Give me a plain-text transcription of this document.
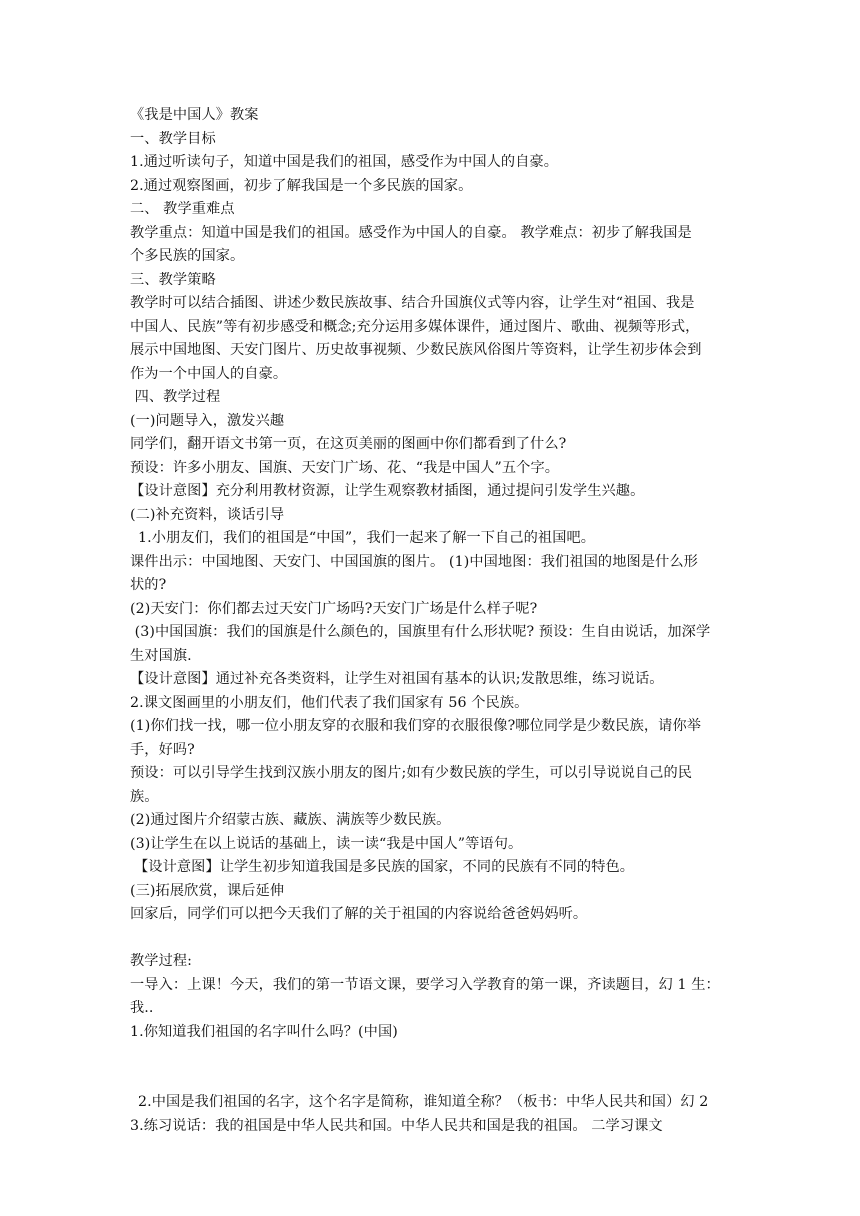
《我是中国人》教案
一、教学目标
1.通过听读句子，知道中国是我们的祖国，感受作为中国人的自豪。
2.通过观察图画，初步了解我国是一个多民族的国家。
二、 教学重难点
教学重点：知道中国是我们的祖国。感受作为中国人的自豪。 教学难点：初步了解我国是
个多民族的国家。
三、教学策略
教学时可以结合插图、讲述少数民族故事、结合升国旗仪式等内容，让学生对“祖国、我是
中国人、民族”等有初步感受和概念;充分运用多媒体课件，通过图片、歌曲、视频等形式，
展示中国地图、天安门图片、历史故事视频、少数民族风俗图片等资料，让学生初步体会到
作为一个中国人的自豪。
四、教学过程
(一)问题导入，激发兴趣
同学们，翻开语文书第一页，在这页美丽的图画中你们都看到了什么?
预设：许多小朋友、国旗、天安门广场、花、“我是中国人”五个字。
【设计意图】充分利用教材资源，让学生观察教材插图，通过提问引发学生兴趣。
(二)补充资料，谈话引导
1.小朋友们，我们的祖国是“中国”，我们一起来了解一下自己的祖国吧。
课件出示：中国地图、天安门、中国国旗的图片。 (1)中国地图：我们祖国的地图是什么形
状的?
(2)天安门：你们都去过天安门广场吗?天安门广场是什么样子呢?
(3)中国国旗：我们的国旗是什么颜色的，国旗里有什么形状呢? 预设：生自由说话，加深学
生对国旗.
【设计意图】通过补充各类资料，让学生对祖国有基本的认识;发散思维，练习说话。
2.课文图画里的小朋友们，他们代表了我们国家有 56 个民族。
(1)你们找一找，哪一位小朋友穿的衣服和我们穿的衣服很像?哪位同学是少数民族，请你举
手，好吗?
预设：可以引导学生找到汉族小朋友的图片;如有少数民族的学生，可以引导说说自己的民
族。
(2)通过图片介绍蒙古族、藏族、满族等少数民族。
(3)让学生在以上说话的基础上，读一读“我是中国人”等语句。
【设计意图】让学生初步知道我国是多民族的国家，不同的民族有不同的特色。
(三)拓展欣赏，课后延伸
回家后，同学们可以把今天我们了解的关于祖国的内容说给爸爸妈妈听。
教学过程:
一导入：上课！今天，我们的第一节语文课，要学习入学教育的第一课，齐读题目，幻 1 生：
我..
1.你知道我们祖国的名字叫什么吗？(中国)
2.中国是我们祖国的名字，这个名字是简称，谁知道全称？（板书：中华人民共和国）幻 2
3.练习说话：我的祖国是中华人民共和国。中华人民共和国是我的祖国。 二学习课文
